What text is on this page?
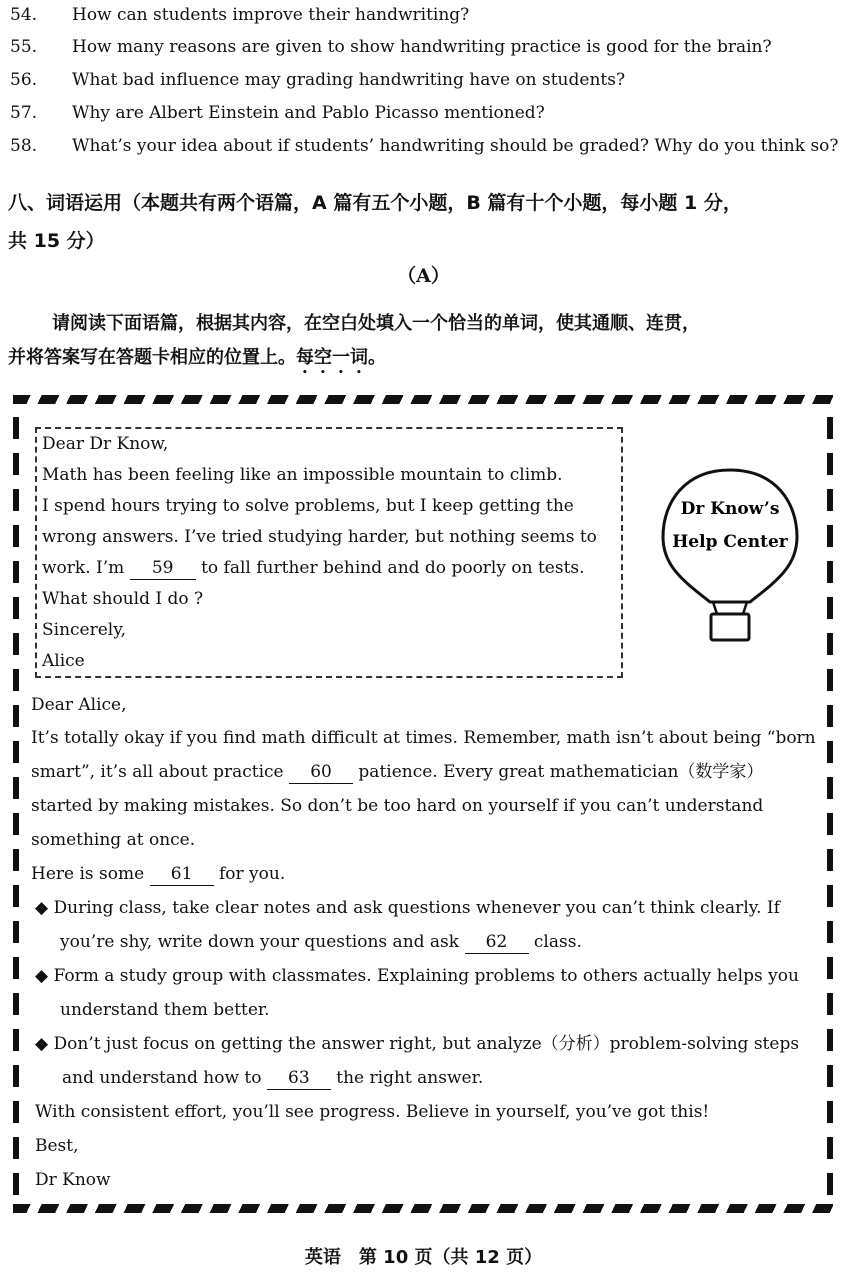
54. How can students improve their handwriting?
55. How many reasons are given to show handwriting practice is good for the brain?
56. What bad influence may grading handwriting have on students?
57. Why are Albert Einstein and Pablo Picasso mentioned?
58. What’s your idea about if students’ handwriting should be graded? Why do you think so?
八、词语运用（本题共有两个语篇，A 篇有五个小题，B 篇有十个小题，每小题 1 分，
共 15 分）
（A）
请阅读下面语篇，根据其内容，在空白处填入一个恰当的单词，使其通顺、连贯，
并将答案写在答题卡相应的位置上。每空一词。
Dear Dr Know,
Math has been feeling like an impossible mountain to climb.
I spend hours trying to solve problems, but I keep getting the
wrong answers. I’ve tried studying harder, but nothing seems to
work. I’m 59 to fall further behind and do poorly on tests.
What should I do ?
Sincerely,
Alice
Dr Know’s
Help Center
Dear Alice,
It’s totally okay if you find math difficult at times. Remember, math isn’t about being “born
smart”, it’s all about practice 60 patience. Every great mathematician（数学家）
started by making mistakes. So don’t be too hard on yourself if you can’t understand
something at once.
Here is some 61 for you.
◆ During class, take clear notes and ask questions whenever you can’t think clearly. If
you’re shy, write down your questions and ask 62 class.
◆ Form a study group with classmates. Explaining problems to others actually helps you
understand them better.
◆ Don’t just focus on getting the answer right, but analyze（分析）problem-solving steps
and understand how to 63 the right answer.
With consistent effort, you’ll see progress. Believe in yourself, you’ve got this!
Best,
Dr Know
英语　第 10 页（共 12 页）
